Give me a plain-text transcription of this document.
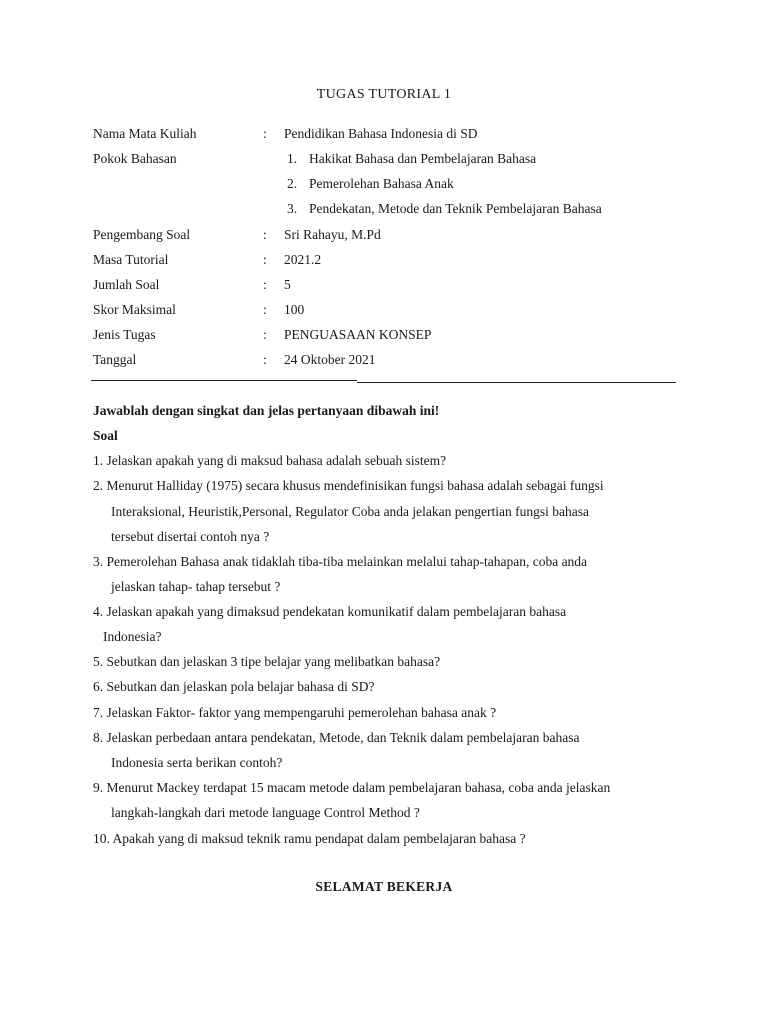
TUGAS TUTORIAL 1
Nama Mata Kuliah	: Pendidikan Bahasa Indonesia di SD
Pokok Bahasan	1. Hakikat Bahasa dan Pembelajaran Bahasa
2. Pemerolehan Bahasa Anak
3. Pendekatan, Metode dan Teknik Pembelajaran Bahasa
Pengembang Soal	: Sri Rahayu, M.Pd
Masa Tutorial	: 2021.2
Jumlah Soal	: 5
Skor Maksimal	: 100
Jenis Tugas	: PENGUASAAN KONSEP
Tanggal	: 24 Oktober 2021
Jawablah dengan singkat dan jelas pertanyaan dibawah ini!
Soal
1. Jelaskan apakah yang di maksud bahasa adalah sebuah sistem?
2. Menurut Halliday (1975) secara khusus mendefinisikan fungsi bahasa adalah sebagai fungsi
Interaksional, Heuristik,Personal, Regulator Coba anda jelakan pengertian fungsi bahasa
tersebut disertai contoh nya ?
3. Pemerolehan Bahasa anak tidaklah tiba-tiba melainkan melalui tahap-tahapan, coba anda
jelaskan tahap- tahap tersebut ?
4. Jelaskan apakah yang dimaksud pendekatan komunikatif dalam pembelajaran bahasa
Indonesia?
5. Sebutkan dan jelaskan 3 tipe belajar yang melibatkan bahasa?
6. Sebutkan dan jelaskan pola belajar bahasa di SD?
7. Jelaskan Faktor- faktor yang mempengaruhi pemerolehan bahasa anak ?
8. Jelaskan perbedaan antara pendekatan, Metode, dan Teknik dalam pembelajaran bahasa
Indonesia serta berikan contoh?
9. Menurut Mackey terdapat 15 macam metode dalam pembelajaran bahasa, coba anda jelaskan
langkah-langkah dari metode language Control Method ?
10. Apakah yang di maksud teknik ramu pendapat dalam pembelajaran bahasa ?
SELAMAT BEKERJA
